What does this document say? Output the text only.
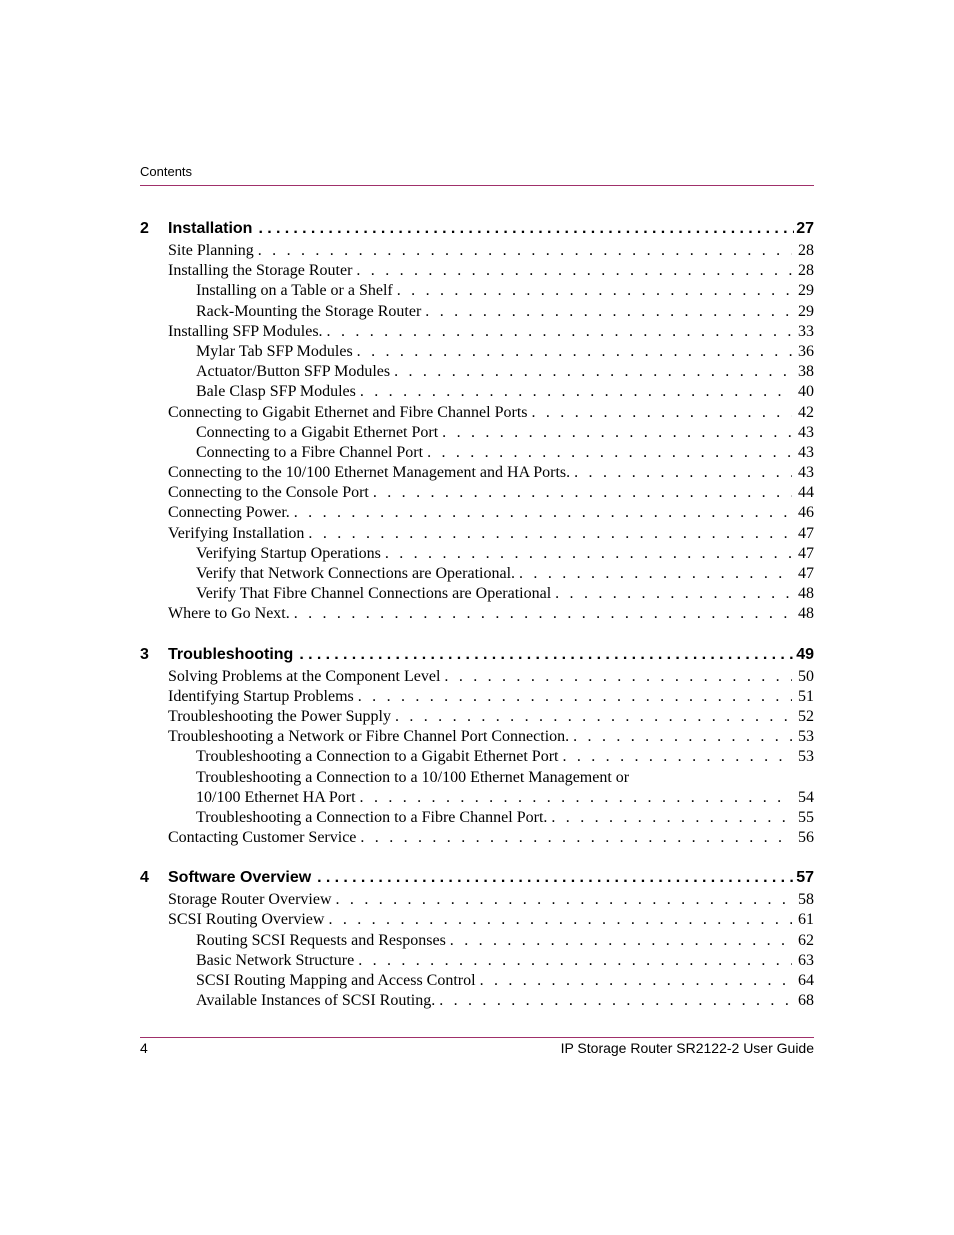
Contents
2 Installation .....	27
Site Planning . . .	28
Installing the Storage Router . . .	28
Installing on a Table or a Shelf . . .	29
Rack-Mounting the Storage Router . . .	29
Installing SFP Modules. . . .	33
Mylar Tab SFP Modules . . .	36
Actuator/Button SFP Modules . . .	38
Bale Clasp SFP Modules . . .	40
Connecting to Gigabit Ethernet and Fibre Channel Ports . . .	42
Connecting to a Gigabit Ethernet Port . . .	43
Connecting to a Fibre Channel Port . . .	43
Connecting to the 10/100 Ethernet Management and HA Ports. . . .	43
Connecting to the Console Port . . .	44
Connecting Power. . . .	46
Verifying Installation . . .	47
Verifying Startup Operations . . .	47
Verify that Network Connections are Operational. . . .	47
Verify That Fibre Channel Connections are Operational . . .	48
Where to Go Next. . . .	48
3 Troubleshooting .....	49
Solving Problems at the Component Level . . .	50
Identifying Startup Problems . . .	51
Troubleshooting the Power Supply . . .	52
Troubleshooting a Network or Fibre Channel Port Connection. . . .	53
Troubleshooting a Connection to a Gigabit Ethernet Port . . .	53
Troubleshooting a Connection to a 10/100 Ethernet Management or
10/100 Ethernet HA Port . . .	54
Troubleshooting a Connection to a Fibre Channel Port. . . .	55
Contacting Customer Service . . .	56
4 Software Overview .....	57
Storage Router Overview . . .	58
SCSI Routing Overview . . .	61
Routing SCSI Requests and Responses . . .	62
Basic Network Structure . . .	63
SCSI Routing Mapping and Access Control . . .	64
Available Instances of SCSI Routing. . . .	68
4	IP Storage Router SR2122-2 User Guide
